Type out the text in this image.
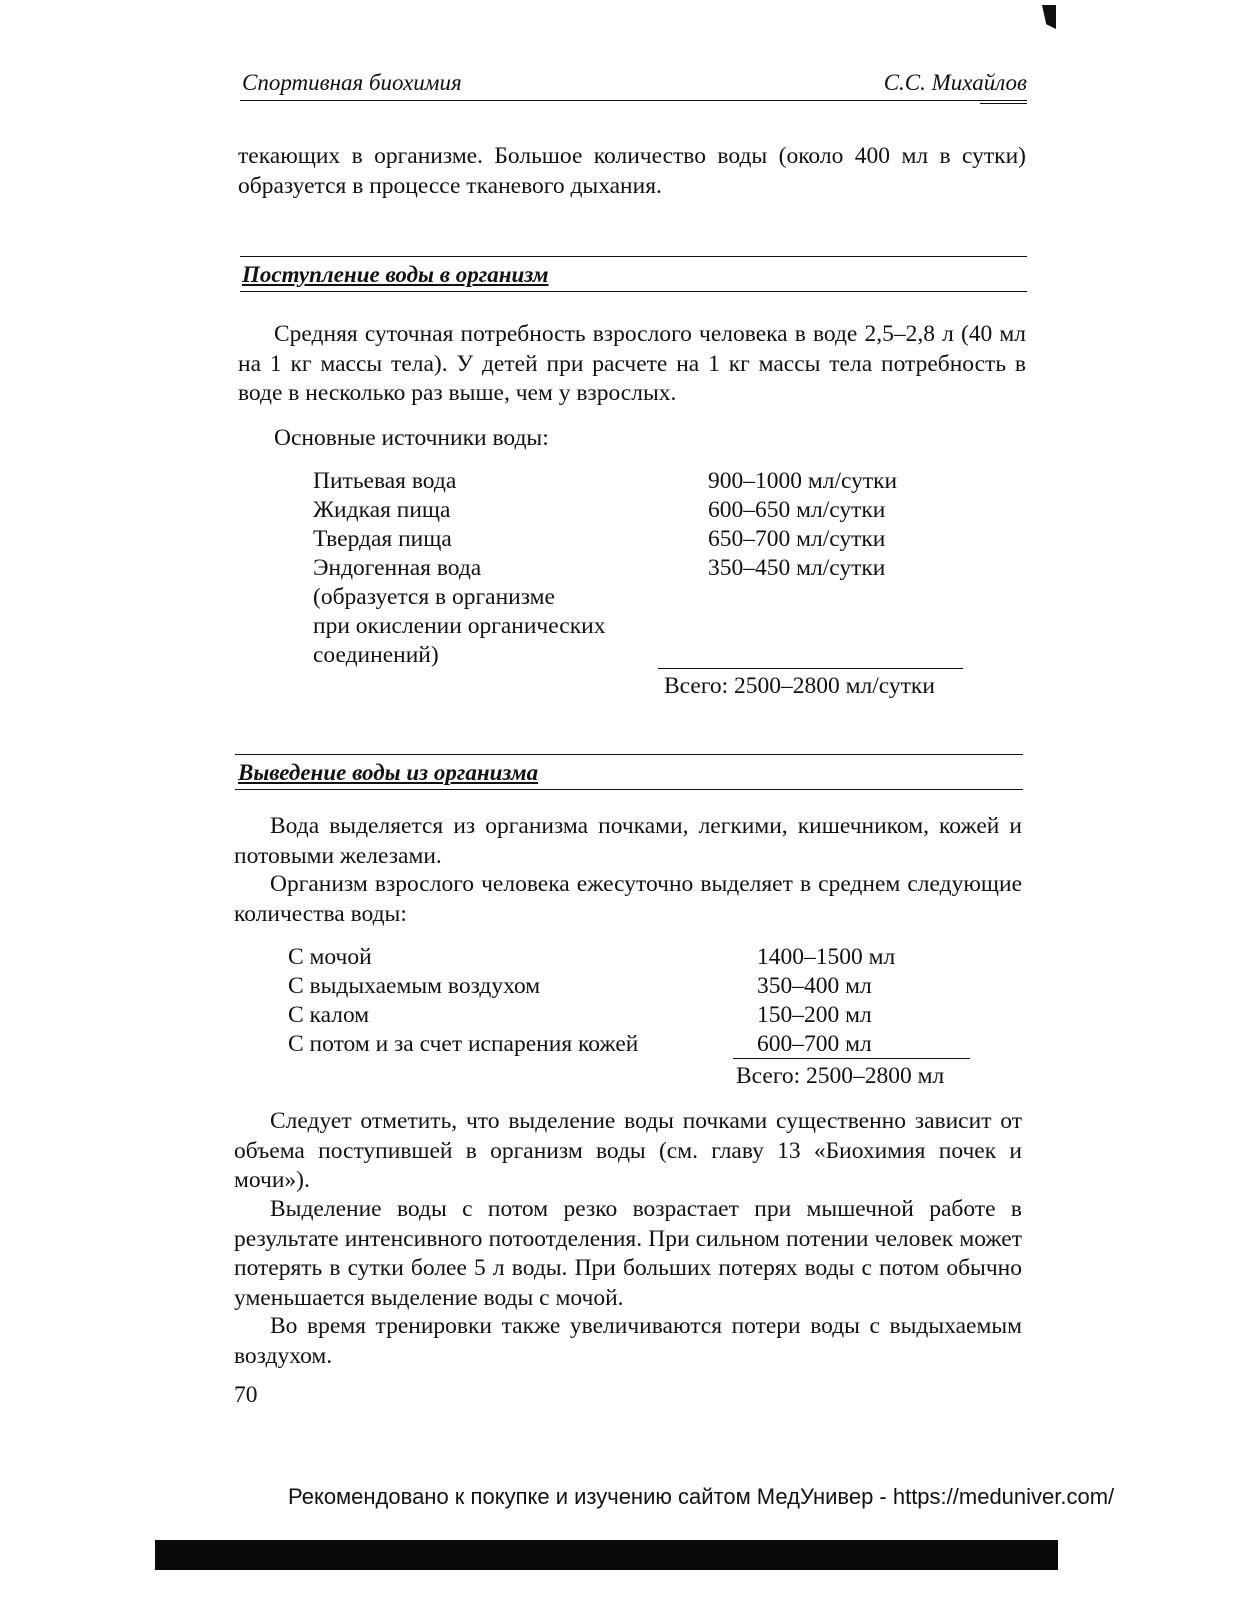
Спортивная биохимия	С.С. Михайлов
текающих в организме. Большое количество воды (около 400 мл в сутки) образуется в процессе тканевого дыхания.
Поступление воды в организм
Средняя суточная потребность взрослого человека в воде 2,5–2,8 л (40 мл на 1 кг массы тела). У детей при расчете на 1 кг массы тела потребность в воде в несколько раз выше, чем у взрослых.
Основные источники воды:
Питьевая вода	900–1000 мл/сутки
Жидкая пища	600–650 мл/сутки
Твердая пища	650–700 мл/сутки
Эндогенная вода	350–450 мл/сутки
(образуется в организме
при окислении органических
соединений)
Всего: 2500–2800 мл/сутки
Выведение воды из организма
Вода выделяется из организма почками, легкими, кишечником, кожей и потовыми железами.
Организм взрослого человека ежесуточно выделяет в среднем следующие количества воды:
С мочой	1400–1500 мл
С выдыхаемым воздухом	350–400 мл
С калом	150–200 мл
С потом и за счет испарения кожей	600–700 мл
Всего: 2500–2800 мл
Следует отметить, что выделение воды почками существенно зависит от объема поступившей в организм воды (см. главу 13 «Биохимия почек и мочи»).
Выделение воды с потом резко возрастает при мышечной работе в результате интенсивного потоотделения. При сильном потении человек может потерять в сутки более 5 л воды. При больших потерях воды с потом обычно уменьшается выделение воды с мочой.
Во время тренировки также увеличиваются потери воды с выдыхаемым воздухом.
70
Рекомендовано к покупке и изучению сайтом МедУнивер - https://meduniver.com/
